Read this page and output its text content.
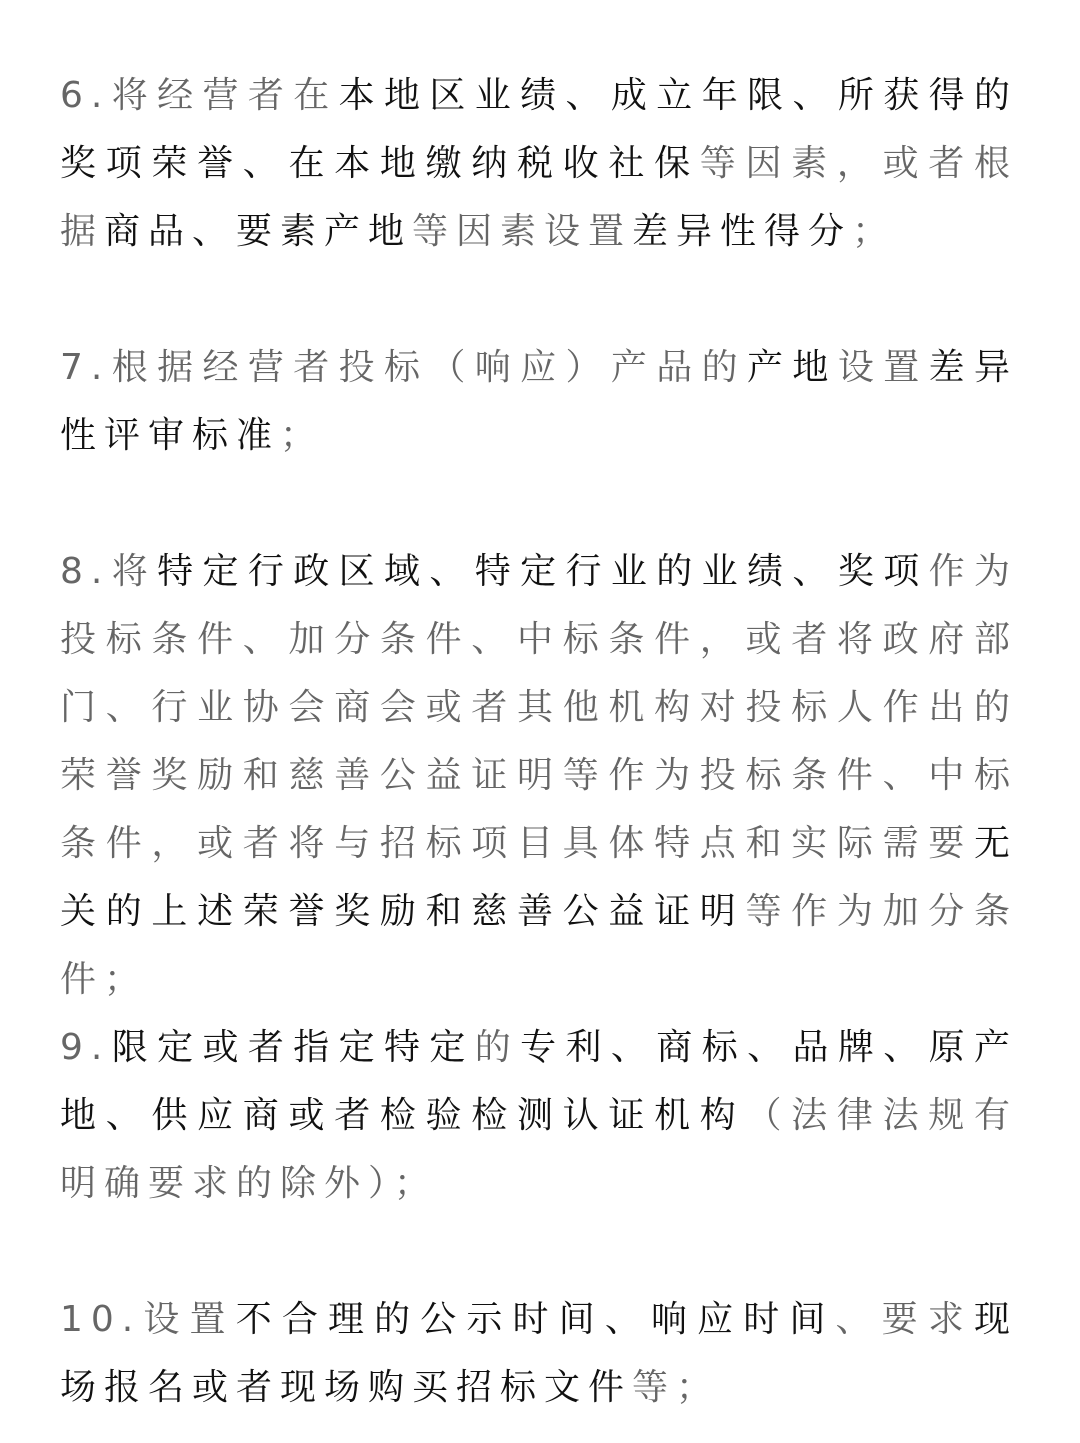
6.将经营者在本地区业绩、成立年限、所获得的奖项荣誉、在本地缴纳税收社保等因素，或者根据商品、要素产地等因素设置差异性得分；

7.根据经营者投标（响应）产品的产地设置差异性评审标准；

8.将特定行政区域、特定行业的业绩、奖项作为投标条件、加分条件、中标条件，或者将政府部门、行业协会商会或者其他机构对投标人作出的荣誉奖励和慈善公益证明等作为投标条件、中标条件，或者将与招标项目具体特点和实际需要无关的上述荣誉奖励和慈善公益证明等作为加分条件；

9.限定或者指定特定的专利、商标、品牌、原产地、供应商或者检验检测认证机构（法律法规有明确要求的除外）；

10.设置不合理的公示时间、响应时间、要求现场报名或者现场购买招标文件等；
